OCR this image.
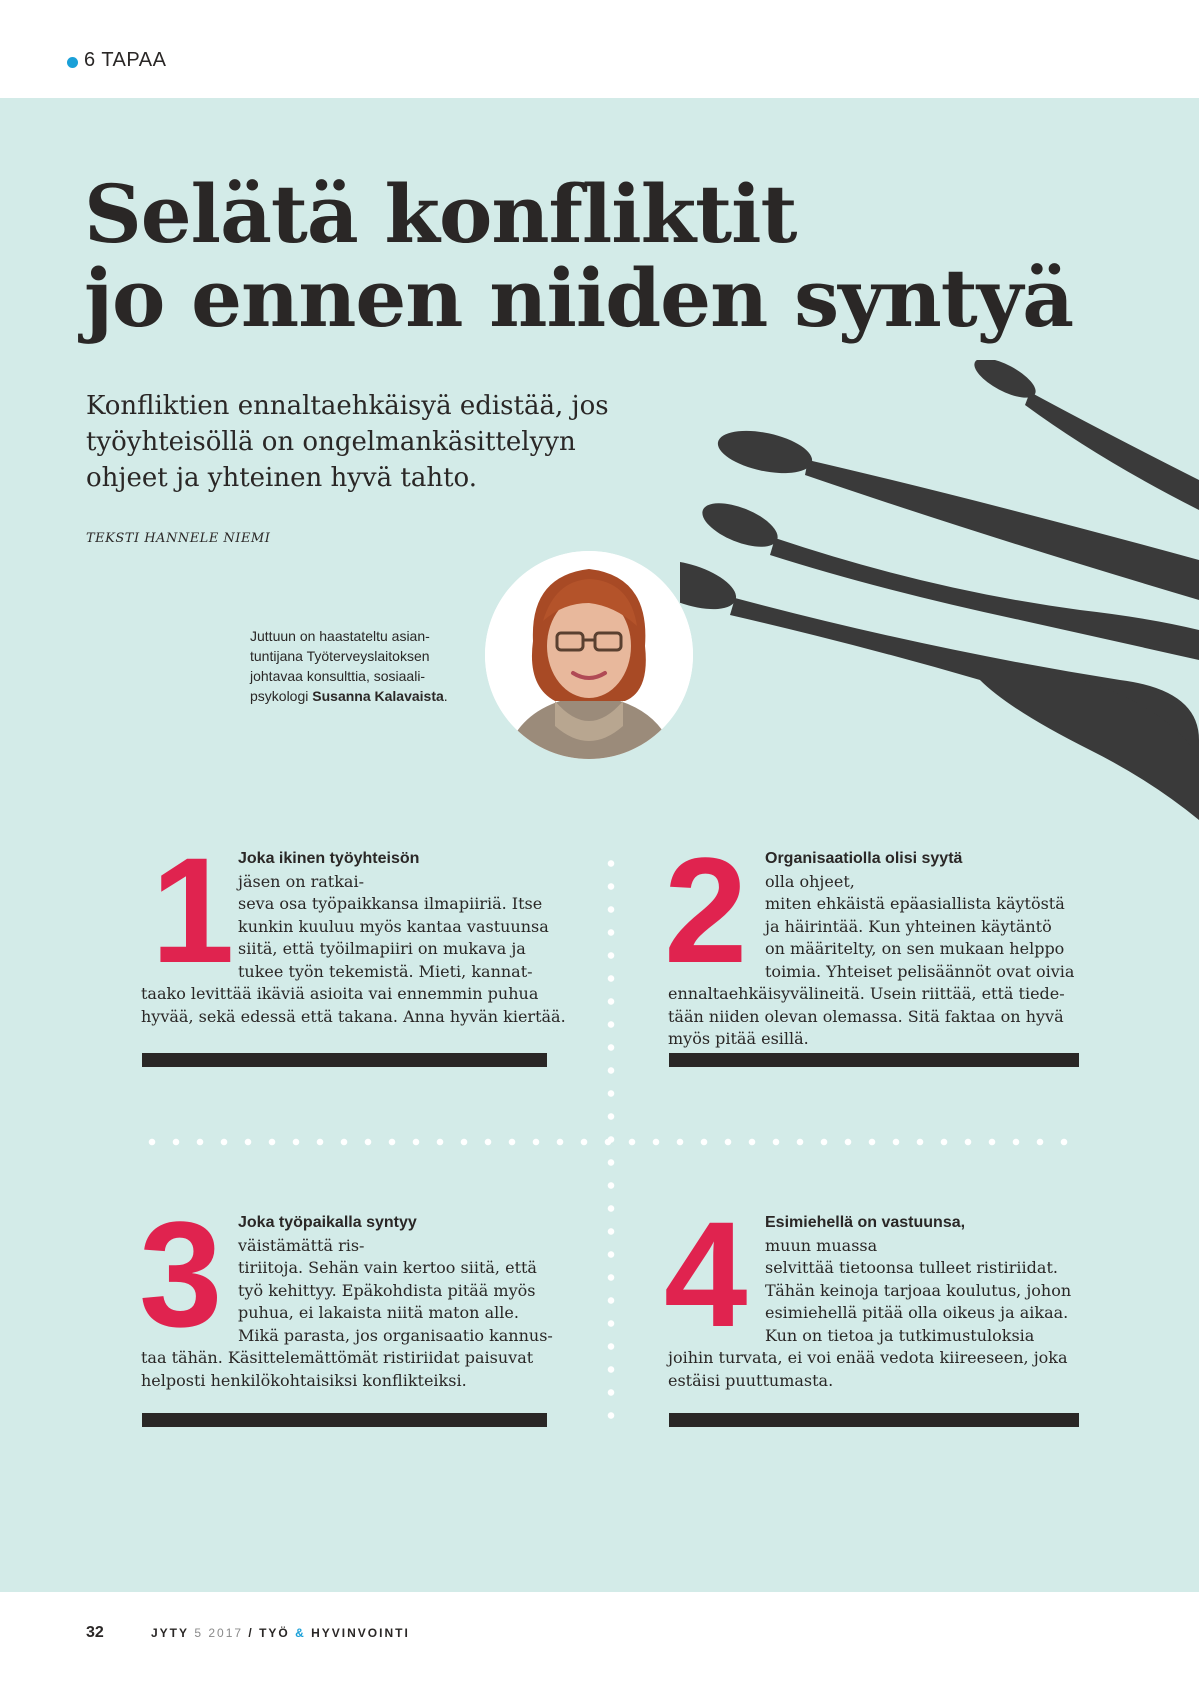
6 TAPAA
Selätä konfliktit
jo ennen niiden syntyä
Konfliktien ennaltaehkäisyä edistää, jos
työyhteisöllä on ongelmankäsittelyyn
ohjeet ja yhteinen hyvä tahto.
TEKSTI HANNELE NIEMI
Juttuun on haastateltu asian-
tuntijana Työterveyslaitoksen
johtavaa konsulttia, sosiaali-
psykologi Susanna Kalavaista.
1 Joka ikinen työyhteisön
jäsen on ratkai-
seva osa työpaikkansa ilmapiiriä. Itse
kunkin kuuluu myös kantaa vastuunsa
siitä, että työilmapiiri on mukava ja
tukee työn tekemistä. Mieti, kannat-
taako levittää ikäviä asioita vai ennemmin puhua
hyvää, sekä edessä että takana. Anna hyvän kiertää.
2	Organisaatiolla olisi syytä
olla ohjeet,
miten ehkäistä epäasiallista käytöstä
ja häirintää. Kun yhteinen käytäntö
on määritelty, on sen mukaan helppo
toimia. Yhteiset pelisäännöt ovat oivia
ennaltaehkäisyvälineitä. Usein riittää, että tiede-
tään niiden olevan olemassa. Sitä faktaa on hyvä
myös pitää esillä.
3 Joka työpaikalla syntyy
väistämättä ris-
tiriitoja. Sehän vain kertoo siitä, että
työ kehittyy. Epäkohdista pitää myös
puhua, ei lakaista niitä maton alle.
Mikä parasta, jos organisaatio kannus-
taa tähän. Käsittelemättömät ristiriidat paisuvat
helposti henkilökohtaisiksi konflikteiksi.
4	Esimiehellä on vastuunsa,
muun muassa
selvittää tietoonsa tulleet ristiriidat.
Tähän keinoja tarjoaa koulutus, johon
esimiehellä pitää olla oikeus ja aikaa.
Kun on tietoa ja tutkimustuloksia
joihin turvata, ei voi enää vedota kiireeseen, joka
estäisi puuttumasta.
32	JYTY 5 2017 / TYÖ & HYVINVOINTI
